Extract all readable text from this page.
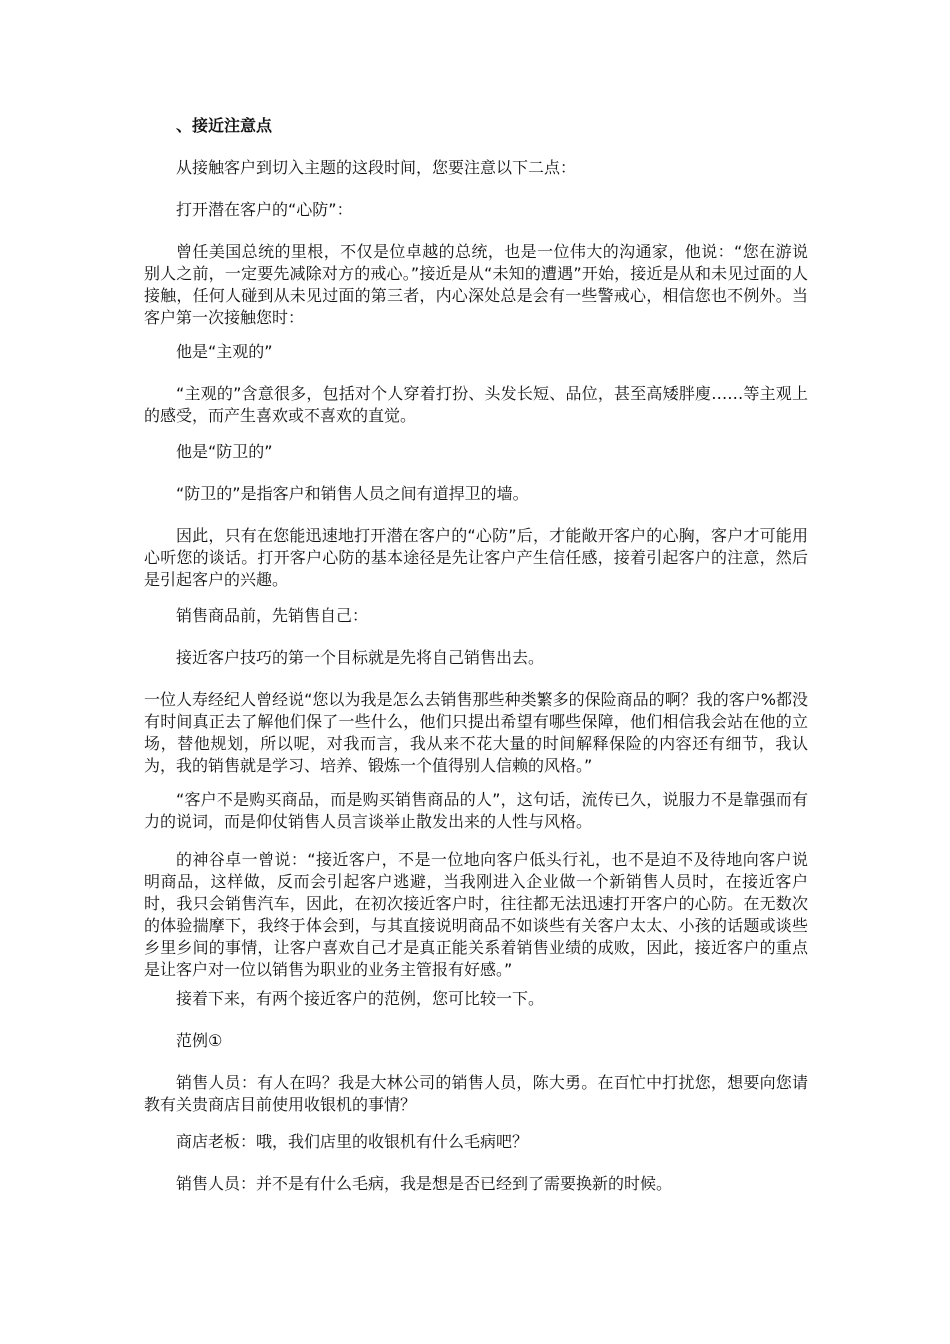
、接近注意点

从接触客户到切入主题的这段时间，您要注意以下二点：

打开潜在客户的“心防”：

曾任美国总统的里根，不仅是位卓越的总统，也是一位伟大的沟通家，他说：“您在游说别人之前，一定要先减除对方的戒心。”接近是从“未知的遭遇”开始，接近是从和未见过面的人接触，任何人碰到从未见过面的第三者，内心深处总是会有一些警戒心，相信您也不例外。当客户第一次接触您时：

他是“主观的”

“主观的”含意很多，包括对个人穿着打扮、头发长短、品位，甚至高矮胖廋……等主观上的感受，而产生喜欢或不喜欢的直觉。

他是“防卫的”

“防卫的”是指客户和销售人员之间有道捍卫的墙。

因此，只有在您能迅速地打开潜在客户的“心防”后，才能敞开客户的心胸，客户才可能用心听您的谈话。打开客户心防的基本途径是先让客户产生信任感，接着引起客户的注意，然后是引起客户的兴趣。

销售商品前，先销售自己：

接近客户技巧的第一个目标就是先将自己销售出去。

一位人寿经纪人曾经说“您以为我是怎么去销售那些种类繁多的保险商品的啊？我的客户%都没有时间真正去了解他们保了一些什么，他们只提出希望有哪些保障，他们相信我会站在他的立场，替他规划，所以呢，对我而言，我从来不花大量的时间解释保险的内容还有细节，我认为，我的销售就是学习、培养、锻炼一个值得别人信赖的风格。”

“客户不是购买商品，而是购买销售商品的人”，这句话，流传已久，说服力不是靠强而有力的说词，而是仰仗销售人员言谈举止散发出来的人性与风格。

的神谷卓一曾说：“接近客户，不是一位地向客户低头行礼，也不是迫不及待地向客户说明商品，这样做，反而会引起客户逃避，当我刚进入企业做一个新销售人员时，在接近客户时，我只会销售汽车，因此，在初次接近客户时，往往都无法迅速打开客户的心防。在无数次的体验揣摩下，我终于体会到，与其直接说明商品不如谈些有关客户太太、小孩的话题或谈些乡里乡间的事情，让客户喜欢自己才是真正能关系着销售业绩的成败，因此，接近客户的重点是让客户对一位以销售为职业的业务主管报有好感。”

接着下来，有两个接近客户的范例，您可比较一下。

范例①

销售人员：有人在吗？我是大林公司的销售人员，陈大勇。在百忙中打扰您，想要向您请教有关贵商店目前使用收银机的事情？

商店老板：哦，我们店里的收银机有什么毛病吧？

销售人员：并不是有什么毛病，我是想是否已经到了需要换新的时候。
